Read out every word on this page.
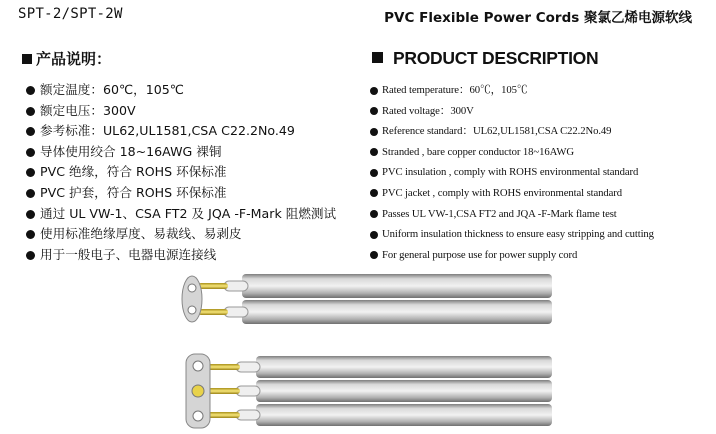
SPT-2/SPT-2W	PVC Flexible Power Cords 聚氯乙烯电源软线
产品说明：	PRODUCT DESCRIPTION
额定温度：60℃，105℃
额定电压：300V
参考标准：UL62,UL1581,CSA C22.2No.49
导体使用绞合 18~16AWG 裸铜
PVC 绝缘，符合 ROHS 环保标准
PVC 护套，符合 ROHS 环保标准
通过 UL VW-1、CSA FT2 及 JQA -F-Mark 阻燃测试
使用标准绝缘厚度、易裁线、易剥皮
用于一般电子、电器电源连接线
Rated temperature：60℃，105℃
Rated voltage：300V
Reference standard：UL62,UL1581,CSA C22.2No.49
Stranded , bare copper conductor 18~16AWG
PVC insulation , comply with ROHS environmental standard
PVC jacket , comply with ROHS environmental standard
Passes UL VW-1,CSA FT2 and JQA -F-Mark flame test
Uniform insulation thickness to ensure easy stripping and cutting
For general purpose use for power supply cord
